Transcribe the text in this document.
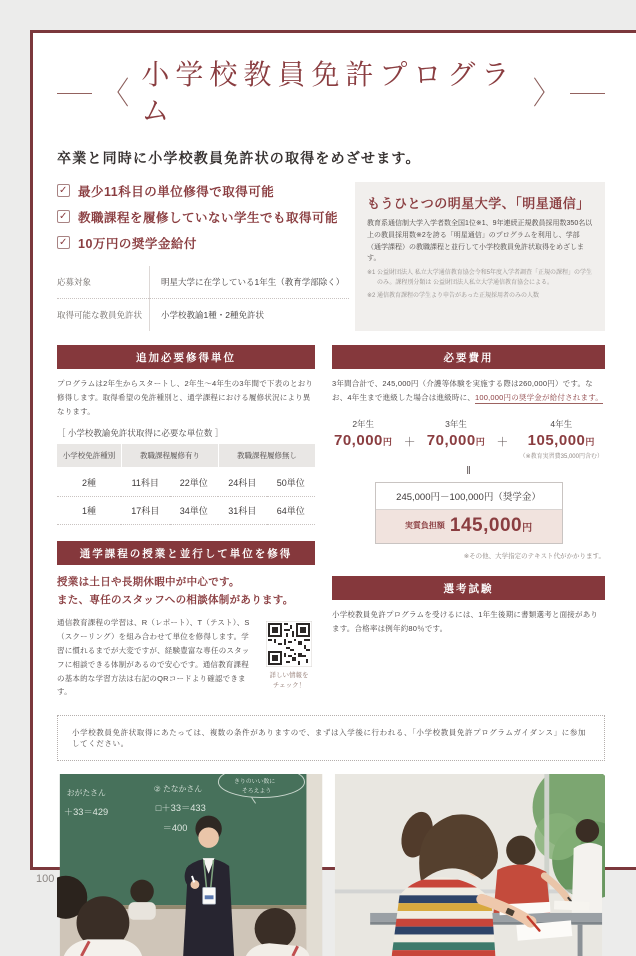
〈
小学校教員免許プログラム	〉
卒業と同時に小学校教員免許状の取得をめざせます。
✓ 最少11科目の単位修得で取得可能
✓ 教職課程を履修していない学生でも取得可能
✓ 10万円の奨学金給付
応募対象	明星大学に在学している1年生（教育学部除く）
取得可能な教員免許状	小学校教諭1種・2種免許状
もうひとつの明星大学、「明星通信」
教育系通信制大学入学者数全国1位※1、9年連続正規教員採用数350名以上の教員採用数※2を誇る「明星通信」のプログラムを利用し、学部（通学課程）の教職課程と並行して小学校教員免許状取得をめざします。
※1 公益財団法人 私立大学通信教育協会令和5年度入学者調査「正規の課程」の学生のみ。課程別分類は 公益財団法人私立大学通信教育協会による。
※2 通信教育課程の学生より申告があった正規採用者のみの人数
追加必要修得単位
プログラムは2年生からスタートし、2年生～4年生の3年間で下表のとおり修得します。取得希望の免許種別と、通学課程における履修状況により異なります。
［ 小学校教諭免許状取得に必要な単位数 ］
小学校免許種別	教職課程履修有り		教職課程履修無し	
2種	11科目	22単位	24科目	50単位
1種	17科目	34単位	31科目	64単位
通学課程の授業と並行して単位を修得
授業は土日や長期休暇中が中心です。
また、専任のスタッフへの相談体制があります。
通信教育課程の学習は、R（レポート）、T（テスト）、S（スクーリング）を組み合わせて単位を修得します。学習に慣れるまでが大変ですが、経験豊富な専任のスタッフに相談できる体制があるので安心です。通信教育課程の基本的な学習方法は右記のQRコードより確認できます。
詳しい情報を
チェック！
必要費用
3年間合計で、245,000円（介護等体験を実施する際は260,000円）です。なお、4年生まで進級した場合は進級時に、100,000円の奨学金が給付されます。
2年生
70,000円 ＋
3年生
70,000円 ＋
4年生
105,000円
（※教育実習費35,000円含む）
‖
245,000円－100,000円（奨学金）
実質負担額 145,000円
※その他、大学指定のテキスト代がかかります。
選考試験
小学校教員免許プログラムを受けるには、1年生後期に書類選考と面接があります。合格率は例年約80％です。
小学校教員免許状取得にあたっては、複数の条件がありますので、まずは入学後に行われる、「小学校教員免許プログラムガイダンス」に参加してください。
おがたさん
＋33＝429
② たなかさん
□＋33＝433
＝400
きりのいい数に
そろえよう
100
